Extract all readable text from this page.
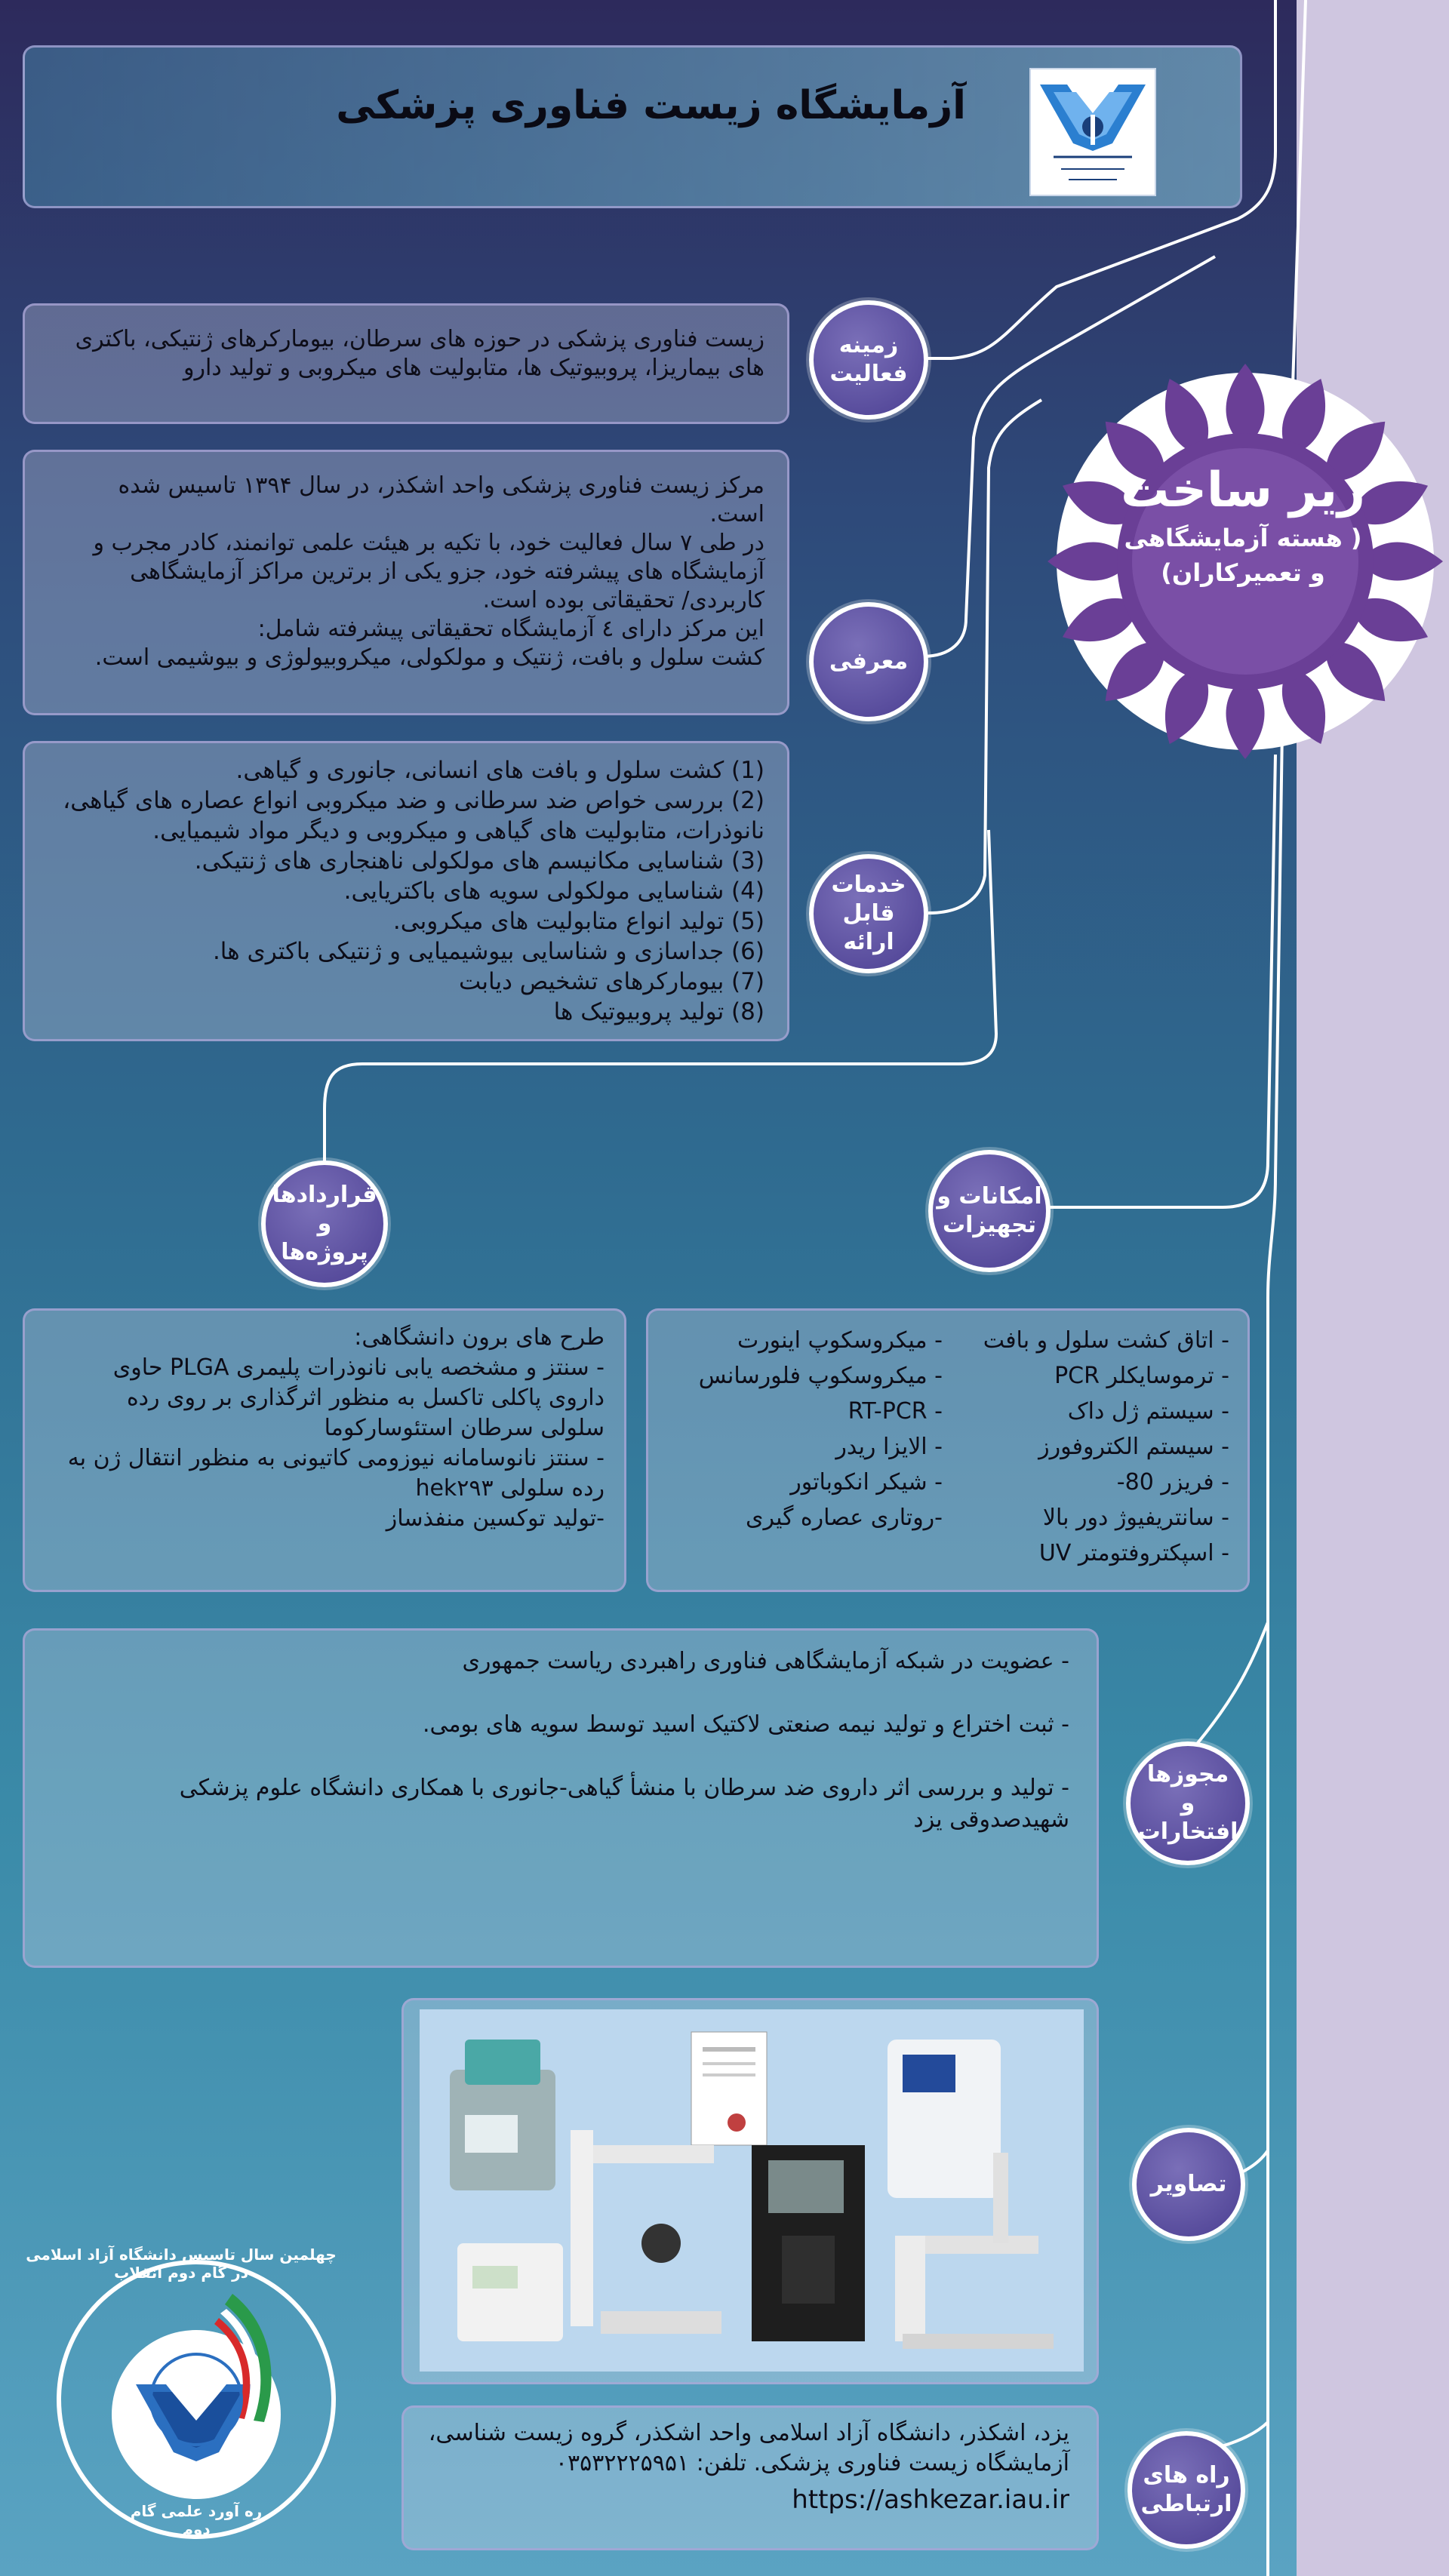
آزمایشگاه زیست فناوری پزشکی
زیر ساخت
( هسته آزمایشگاهی
و تعمیرکاران)
زیست فناوری پزشکی در حوزه های سرطان، بیومارکرهای ژنتیکی، باکتری
های بیماریزا، پروبیوتیک ها، متابولیت های میکروبی و تولید دارو
زمینه
فعالیت
مرکز زیست فناوری پزشکی واحد اشکذر، در سال ۱۳۹۴ تاسیس شده
است.
در طی ۷ سال فعالیت خود، با تکیه بر هیئت علمی توانمند، کادر مجرب و
آزمایشگاه های پیشرفته خود، جزو یکی از برترین مراکز آزمایشگاهی
کاربردی/ تحقیقاتی بوده است.
این مرکز دارای ٤ آزمایشگاه تحقیقاتی پیشرفته شامل:
کشت سلول و بافت، ژنتیک و مولکولی، میکروبیولوژی و بیوشیمی است.	معرفی
(1) کشت سلول و بافت های انسانی، جانوری و گیاهی.
(2) بررسی خواص ضد سرطانی و ضد میکروبی انواع عصاره های گیاهی،
نانوذرات، متابولیت های گیاهی و میکروبی و دیگر مواد شیمیایی.
(3) شناسایی مکانیسم های مولکولی ناهنجاری های ژنتیکی.
(4) شناسایی مولکولی سویه های باکتریایی.
(5) تولید انواع متابولیت های میکروبی.
(6) جداسازی و شناسایی بیوشیمیایی و ژنتیکی باکتری ها.
(7) بیومارکرهای تشخیص دیابت
(8) تولید پروبیوتیک ها
خدمات
قابل ارائه
امکانات و
تجهیزات
قراردادها و
پروژه‌ها
طرح های برون دانشگاهی:
- سنتز و مشخصه یابی نانوذرات پلیمری PLGA حاوی
داروی پاکلی تاکسل به منظور اثرگذاری بر روی رده
سلولی سرطان استئوسارکوما
- سنتز نانوسامانه نیوزومی کاتیونی به منظور انتقال ژن به
رده سلولی hek۲۹۳
-تولید توکسین منفذساز
- اتاق کشت سلول و بافت
- ترموسایکلر PCR
- سیستم ژل داک
- سیستم الکتروفورز
- فریزر 80-
- سانتریفیوژ دور بالا
- اسپکتروفتومتر UV
- میکروسکوپ اینورت
- میکروسکوپ فلورسانس
- RT-PCR
- الایزا ریدر
- شیکر انکوباتور
-روتاری عصاره گیری
- عضویت در شبکه آزمایشگاهی فناوری راهبردی ریاست جمهوری

- ثبت اختراع و تولید نیمه صنعتی لاکتیک اسید توسط سویه های بومی.

- تولید و بررسی اثر داروی ضد سرطان با منشأ گیاهی-جانوری با همکاری دانشگاه علوم پزشکی
شهیدصدوقی یزد
مجوزها
و افتخارات
تصاویر
یزد، اشکذر، دانشگاه آزاد اسلامی واحد اشکذر، گروه زیست شناسی،
آزمایشگاه زیست فناوری پزشکی. تلفن: ۰۳۵۳۲۲۲۵۹۵۱
https://ashkezar.iau.ir
راه های
ارتباطی
چهلمین سال تاسیس دانشگاه آزاد اسلامی در گام دوم انقلاب
ره آورد علمی گام دوم
